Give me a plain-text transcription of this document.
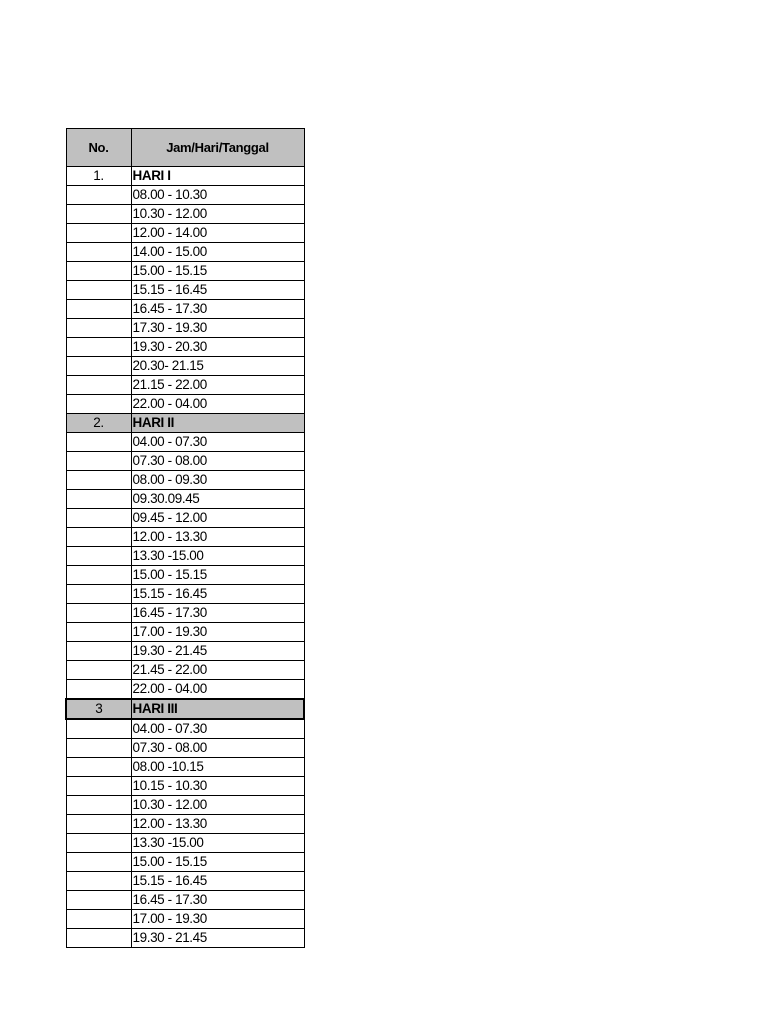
No.	Jam/Hari/Tanggal
1.	HARI I
	08.00 - 10.30
	10.30 - 12.00
	12.00 - 14.00
	14.00 - 15.00
	15.00 - 15.15
	15.15 - 16.45
	16.45 - 17.30
	17.30 - 19.30
	19.30 - 20.30
	20.30- 21.15
	21.15 - 22.00
	22.00 - 04.00
2.	HARI II
	04.00 - 07.30
	07.30 - 08.00
	08.00 - 09.30
	09.30.09.45
	09.45 - 12.00
	12.00 - 13.30
	13.30 -15.00
	15.00 - 15.15
	15.15 - 16.45
	16.45 - 17.30
	17.00 - 19.30
	19.30 - 21.45
	21.45 - 22.00
	22.00 - 04.00
3	HARI III
	04.00 - 07.30
	07.30 - 08.00
	08.00 -10.15
	10.15 - 10.30
	10.30 - 12.00
	12.00 - 13.30
	13.30 -15.00
	15.00 - 15.15
	15.15 - 16.45
	16.45 - 17.30
	17.00 - 19.30
	19.30 - 21.45
